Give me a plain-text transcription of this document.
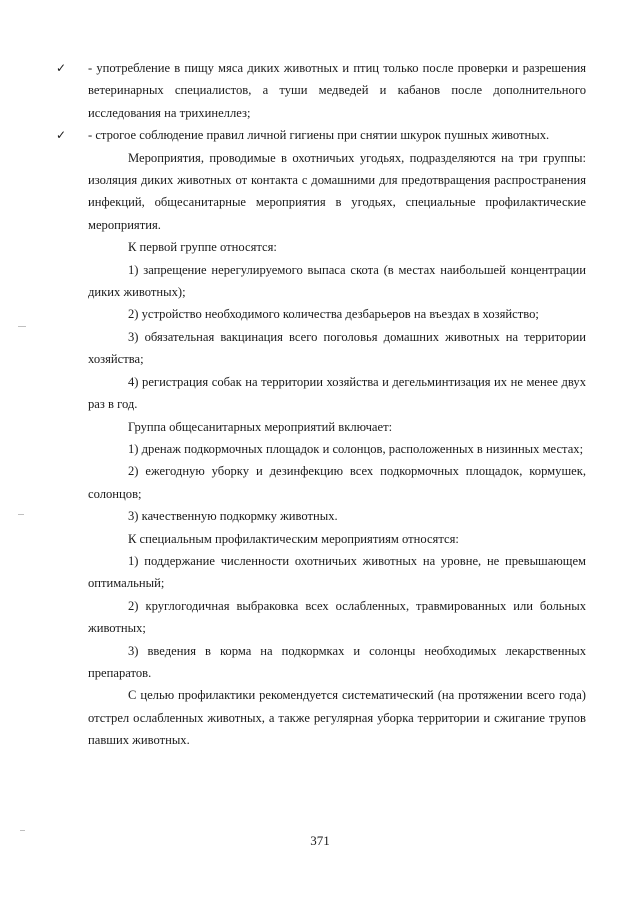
✓	- употребление в пищу мяса диких животных и птиц только после проверки и разрешения ветеринарных специалистов, а туши медведей и кабанов после дополнительного исследования на трихинеллез;
✓	- строгое соблюдение правил личной гигиены при снятии шкурок пушных животных.

Мероприятия, проводимые в охотничьих угодьях, подразделяются на три группы: изоляция диких животных от контакта с домашними для предотвращения распространения инфекций, общесанитарные мероприятия в угодьях, специальные профилактические мероприятия.

К первой группе относятся:

1) запрещение нерегулируемого выпаса скота (в местах наибольшей концентрации диких животных);

2) устройство необходимого количества дезбарьеров на въездах в хозяйство;

3) обязательная вакцинация всего поголовья домашних животных на территории хозяйства;

4) регистрация собак на территории хозяйства и дегельминтизация их не менее двух раз в год.

Группа общесанитарных мероприятий включает:

1) дренаж подкормочных площадок и солонцов, расположенных в низинных местах;

2) ежегодную уборку и дезинфекцию всех подкормочных площадок, кормушек, солонцов;

3) качественную подкормку животных.

К специальным профилактическим мероприятиям относятся:

1) поддержание численности охотничьих животных на уровне, не превышающем оптимальный;

2) круглогодичная выбраковка всех ослабленных, травмированных или больных животных;

3) введения в корма на подкормках и солонцы необходимых лекарственных препаратов.

С целью профилактики рекомендуется систематический (на протяжении всего года) отстрел ослабленных животных, а также регулярная уборка территории и сжигание трупов павших животных.

371
